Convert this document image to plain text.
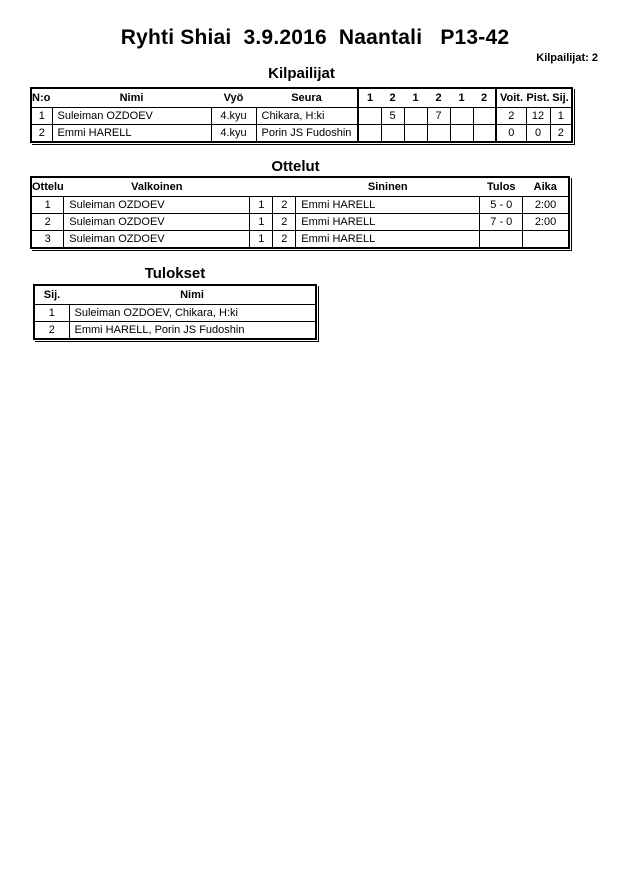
Ryhti Shiai  3.9.2016  Naantali   P13-42
Kilpailijat: 2
Kilpailijat
N:o	Nimi	Vyö	Seura	1	2	1	2	1	2	Voit.	Pist.	Sij.
1	Suleiman OZDOEV	4.kyu	Chikara, H:ki		5		7			2	12	1
2	Emmi HARELL	4.kyu	Porin JS Fudoshin							0	0	2
Ottelut
Ottelu	Valkoinen			Sininen	Tulos	Aika
1	Suleiman OZDOEV	1	2	Emmi HARELL	5 - 0	2:00
2	Suleiman OZDOEV	1	2	Emmi HARELL	7 - 0	2:00
3	Suleiman OZDOEV	1	2	Emmi HARELL		
Tulokset
Sij.	Nimi
1	Suleiman OZDOEV, Chikara, H:ki
2	Emmi HARELL, Porin JS Fudoshin
